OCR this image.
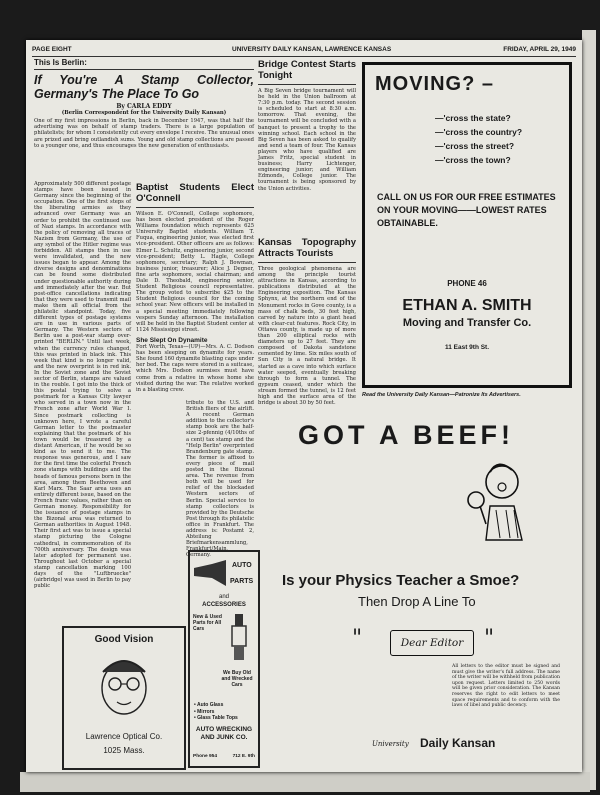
PAGE EIGHT	UNIVERSITY DAILY KANSAN, LAWRENCE KANSAS	FRIDAY, APRIL 29, 1949
This Is Berlin:
If You're A Stamp Collector, Germany's The Place To Go
By CARLA EDDY
(Berlin Correspondent for the University Daily Kansan)
One of my first impressions in Berlin, back in December 1947, was that half the advertising was on behalf of stamp traders. There is a large population of philatelists; for whom I consistently cut every envelope I receive. The unusual ones are prized and bring outlandish sums. Young and old stamp collections are passed to a younger one, and thus encourages the new generation of enthusiasts.
Approximately 500 different postage stamps have been issued in Germany since the beginning of the occupation. One of the first steps of the liberating armies as they advanced over Germany was an order to prohibit the continued use of Nazi stamps. In accordance with the policy of removing all traces of Nazism from Germany, the use of any symbol of the Hitler regime was forbidden. All stamps then in use were invalidated, and the new issues began to appear. Among the diverse designs and denominations can be found some distributed under questionable authority during and immediately after the war. But post-office cancellations indicating that they were used to transmit mail make them all official from the philatelic standpoint. Today, five different types of postage systems are in use in various parts of Germany. The Western sectors of Berlin use a post-war stamp over-printed "BERLIN." Until last week, when the currency rules changed, this was printed in black ink. This week that kind is no longer valid, and the new overprint is in red ink. In the Soviet zone and the Soviet sector of Berlin, stamps are valued in the rouble. I got into the thick of this postal trying to solve a postmark for a Kansas City lawyer who served in a town now in the French zone after World War I. Since postmark collecting is unknown here, I wrote a careful German letter to the postmaster explaining that the postmark of his town would be treasured by a distant American, if he would be so kind as to send it to me. The response was generous, and I saw for the first time the colorful French zone stamps with buildings and the heads of famous persons born in the area, among them Beethoven and Karl Marx. The Saar area uses an entirely different issue, based on the French franc values, rather than on German money. Responsibility for the issuance of postage stamps in the Bizonal area was returned to German authorities in August 1948. Their first act was to issue a special stamp picturing the Cologne cathedral, in commemoration of its 700th anniversary. The design was later adopted for permanent use. Throughout last October a special stamp cancellation marking 100 days of the "Luftbruecke" (airbridge) was used in Berlin to pay public
Baptist Students Elect O'Connell
Wilson E. O'Connell, College sophomore, has been elected president of the Roger Williams foundation which represents 625 University Baptist students. William T. Fuqua, engineering junior, was elected first vice-president. Other officers are as follows: Elmer L. Schultz, engineering junior, second vice-president; Betty L. Hagle, College sophomore, secretary; Ralph J. Bowman, business junior, treasurer; Alice J. Degner, fine arts sophomore, social chairman; and Dale D. Theobald, engineering senior, Student Religious council representative. The group voted to subscribe $25 to the Student Religious council for the coming school year. New officers will be installed in a special meeting immediately following vespers Sunday afternoon. The installation will be held in the Baptist Student center at 1124 Mississippi street.
She Slept On Dynamite
Fort Worth, Texas—(UP)—Mrs. A. C. Dodson has been sleeping on dynamite for years. She found 160 dynamite blasting caps under her bed. The caps were stored in a suitcase, which Mrs. Dodson surmises must have come from a relative in whose home she visited during the war. The relative worked in a blasting crew.
tribute to the U.S. and British fliers of the airlift. A recent German addition to the collector's stamp book are the half-size 2-pfennig (4/10ths of a cent) tax stamp and the "Help Berlin" overprinted Brandenburg gate stamp. The former is affixed to every piece of mail posted in the Bizonal area. The revenue from both will be used for relief of the blockaded Western sectors of Berlin. Special service to stamp collectors is provided by the Deutsche Post through its philatelic office in Frankfurt. The address is: Postamt 2, Abteilung Briefmarkensammlung, Frankfurt/Main, Germany.
Bridge Contest Starts Tonight
A Big Seven bridge tournament will be held in the Union ballroom at 7:30 p.m. today. The second session is scheduled to start at 8:30 a.m. tomorrow. That evening, the tournament will be concluded with a banquet to present a trophy to the winning school. Each school in the Big Seven has been asked to qualify and send a team of four. The Kansas players who have qualified are James Fritz, special student in business; Harry Lichtenger, engineering junior; and William Edmonds, College junior. The tournament is being sponsored by the Union activities.
Kansas Topography Attracts Tourists
Three geological phenomena are among the principle tourist attractions in Kansas, according to publications distributed at the Engineering exposition. The Kansas Sphynx, at the northern end of the Monument rocks in Gove county, is a mass of chalk beds, 30 feet high, carved by nature into a giant head with clear-cut features. Rock City, in Ottawa county, is made up of more than 200 elliptical rocks with diameters up to 27 feet. They are composed of Dakota sandstone cemented by lime. Six miles south of Sun City is a natural bridge. It started as a cave into which surface water seeped, eventually breaking through to form a tunnel. The gypsum ceased, under which the stream formed the tunnel, is 12 feet high and the surface area of the bridge is about 30 by 50 feet.
MOVING? –
—'cross the state?
—'cross the country?
—'cross the street?
—'cross the town?
CALL ON US FOR OUR FREE ESTIMATES ON YOUR MOVING——LOWEST RATES OBTAINABLE.
PHONE 46
ETHAN A. SMITH
Moving and Transfer Co.
11 East 9th St.
Read the University Daily Kansan—Patronize Its Advertisers.
GOT A BEEF!
Is your Physics Teacher a Smoe?
Then Drop A Line To
"	Dear Editor "
All letters to the editor must be signed and must give the writer's full address. The name of the writer will be withheld from publication upon request. Letters limited to 250 words will be given prior consideration. The Kansan reserves the right to edit letters to meet space requirements and to conform with the laws of libel and public decency.
University Daily Kansan
Good Vision
Lawrence Optical Co.
1025 Mass.
AUTO
PARTS
and
ACCESSORIES
New & Used Parts for All Cars
We Buy Old and Wrecked Cars
• Auto Glass
• Mirrors
• Glass Table Tops
AUTO WRECKING AND JUNK CO.
Phone 954	712 E. 9th
